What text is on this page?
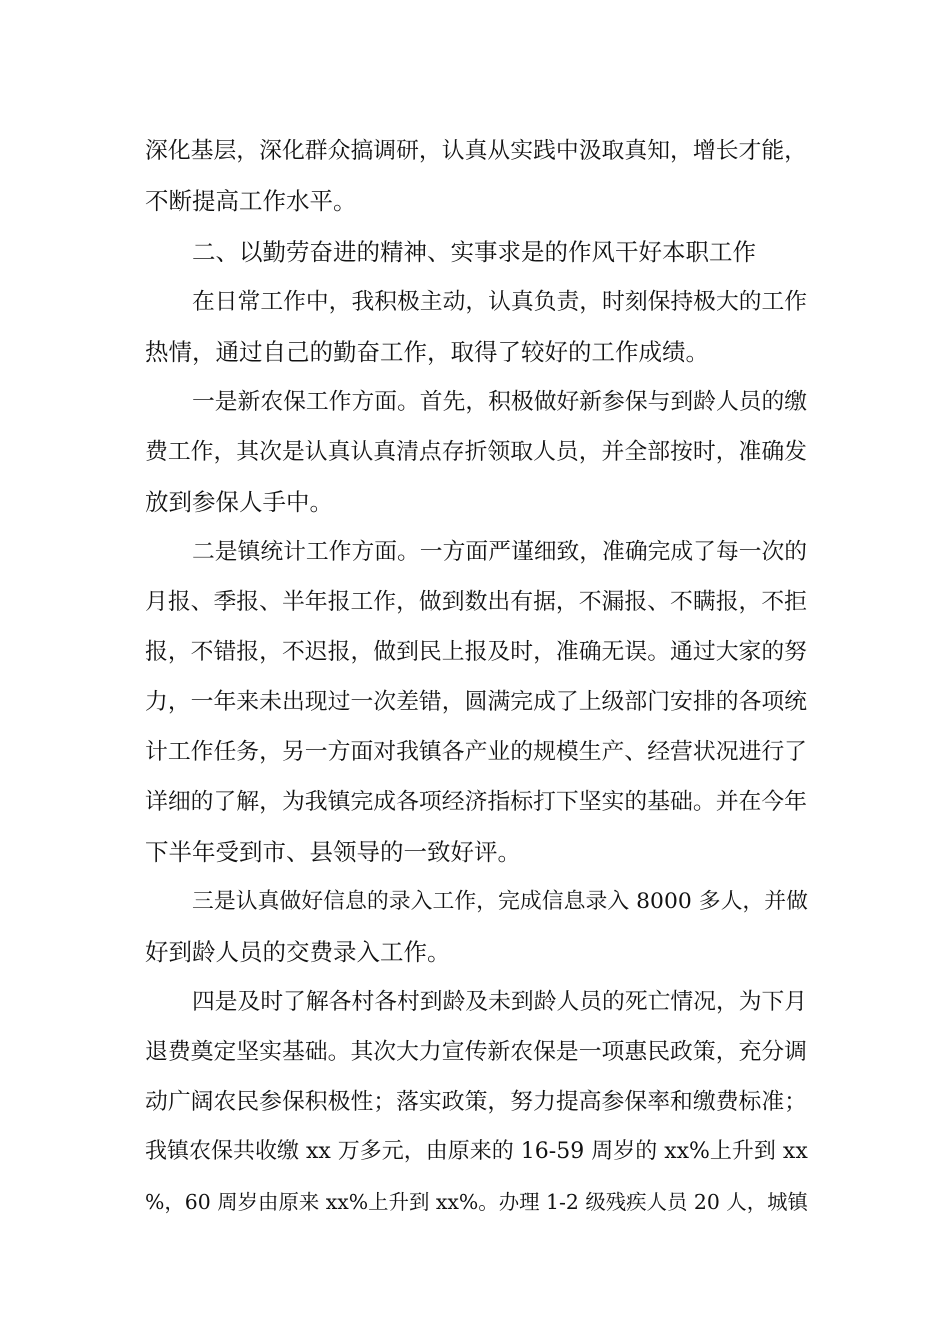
深化基层，深化群众搞调研，认真从实践中汲取真知，增长才能，
不断提高工作水平。
二、以勤劳奋进的精神、实事求是的作风干好本职工作
在日常工作中，我积极主动，认真负责，时刻保持极大的工作
热情，通过自己的勤奋工作，取得了较好的工作成绩。
一是新农保工作方面。首先，积极做好新参保与到龄人员的缴
费工作，其次是认真认真清点存折领取人员，并全部按时，准确发
放到参保人手中。
二是镇统计工作方面。一方面严谨细致，准确完成了每一次的
月报、季报、半年报工作，做到数出有据，不漏报、不瞒报，不拒
报，不错报，不迟报，做到民上报及时，准确无误。通过大家的努
力，一年来未出现过一次差错，圆满完成了上级部门安排的各项统
计工作任务，另一方面对我镇各产业的规模生产、经营状况进行了
详细的了解，为我镇完成各项经济指标打下坚实的基础。并在今年
下半年受到市、县领导的一致好评。
三是认真做好信息的录入工作，完成信息录入 8000 多人，并做
好到龄人员的交费录入工作。
四是及时了解各村各村到龄及未到龄人员的死亡情况，为下月
退费奠定坚实基础。其次大力宣传新农保是一项惠民政策，充分调
动广阔农民参保积极性；落实政策，努力提高参保率和缴费标准；
我镇农保共收缴 xx 万多元，由原来的 16-59 周岁的 xx%上升到 xx
%，60 周岁由原来 xx%上升到 xx%。办理 1-2 级残疾人员 20 人，城镇
